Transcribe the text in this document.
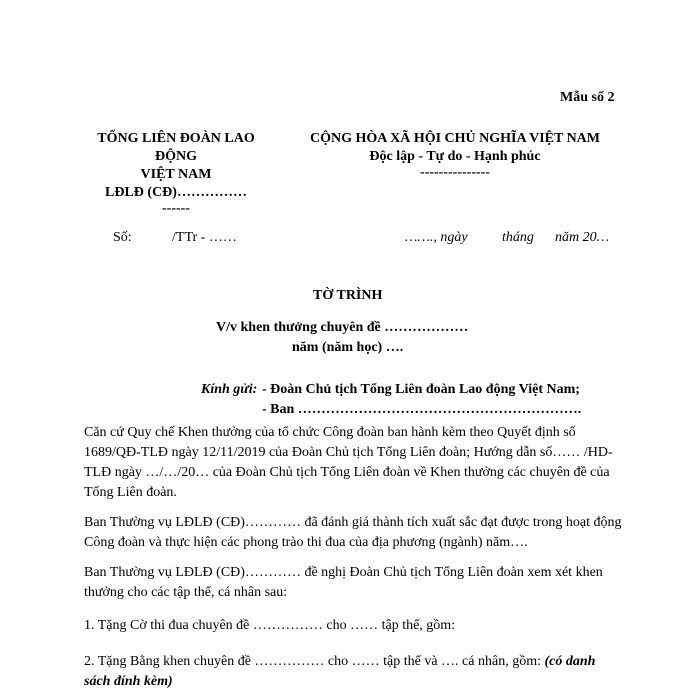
Mẫu số 2
TỔNG LIÊN ĐOÀN LAO
ĐỘNG
VIỆT NAM
LĐLĐ (CĐ)……………
------
CỘNG HÒA XÃ HỘI CHỦ NGHĨA VIỆT NAM
Độc lập - Tự do - Hạnh phúc
---------------
Số:	/TTr - ……	……., ngày tháng năm 20…
TỜ TRÌNH
V/v khen thưởng chuyên đề ………………
năm (năm học) ….
Kính gửi: - Đoàn Chủ tịch Tổng Liên đoàn Lao động Việt Nam;
- Ban …………………………………………………….
Căn cứ Quy chế Khen thưởng của tổ chức Công đoàn ban hành kèm theo Quyết định số 1689/QĐ-TLĐ ngày 12/11/2019 của Đoàn Chủ tịch Tổng Liên đoàn; Hướng dẫn số…… /HD-TLĐ ngày …/…/20… của Đoàn Chủ tịch Tổng Liên đoàn về Khen thưởng các chuyên đề của Tổng Liên đoàn.
Ban Thường vụ LĐLĐ (CĐ)………… đã đánh giá thành tích xuất sắc đạt được trong hoạt động Công đoàn và thực hiện các phong trào thi đua của địa phương (ngành) năm….
Ban Thường vụ LĐLĐ (CĐ)………… đề nghị Đoàn Chủ tịch Tổng Liên đoàn xem xét khen thưởng cho các tập thể, cá nhân sau:
1. Tặng Cờ thi đua chuyên đề …………… cho …… tập thể, gồm:
2. Tặng Bằng khen chuyên đề …………… cho …… tập thể và …. cá nhân, gồm: (có danh sách đính kèm)
